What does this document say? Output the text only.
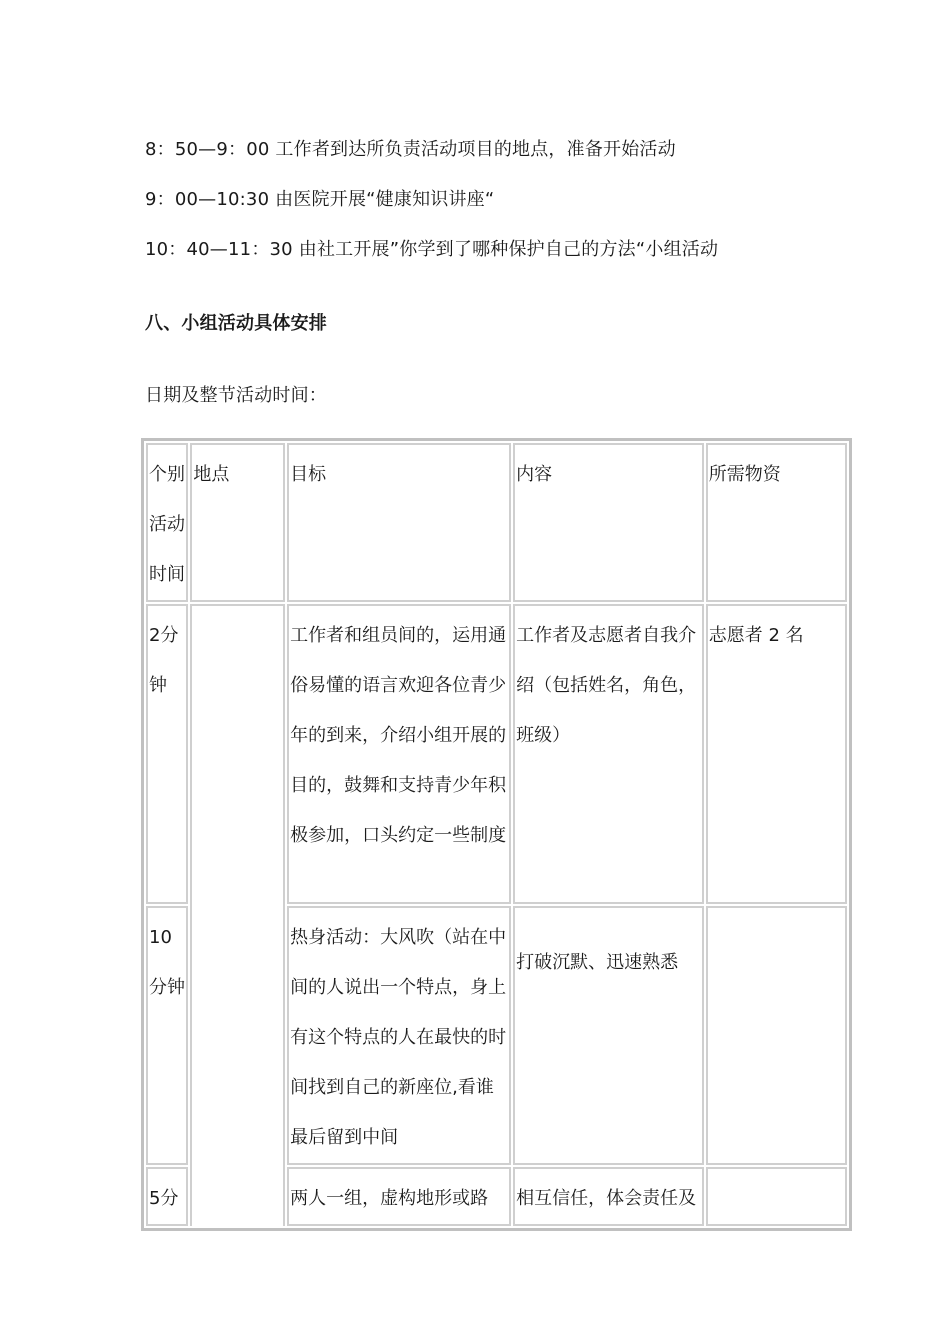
8：50—9：00 工作者到达所负责活动项目的地点，准备开始活动
9：00—10:30 由医院开展“健康知识讲座“
10：40—11：30 由社工开展”你学到了哪种保护自己的方法“小组活动
八、小组活动具体安排
日期及整节活动时间：
个别活动时间	地点	目标	内容	所需物资

2分钟		工作者和组员间的，运用通俗易懂的语言欢迎各位青少年的到来，介绍小组开展的目的，鼓舞和支持青少年积极参加，口头约定一些制度	工作者及志愿者自我介绍（包括姓名，角色，班级）	志愿者 2 名

10 分钟		热身活动：大风吹（站在中间的人说出一个特点，身上有这个特点的人在最快的时间找到自己的新座位,看谁最后留到中间	打破沉默、迅速熟悉	

5分		两人一组，虚构地形或路	相互信任，体会责任及	
